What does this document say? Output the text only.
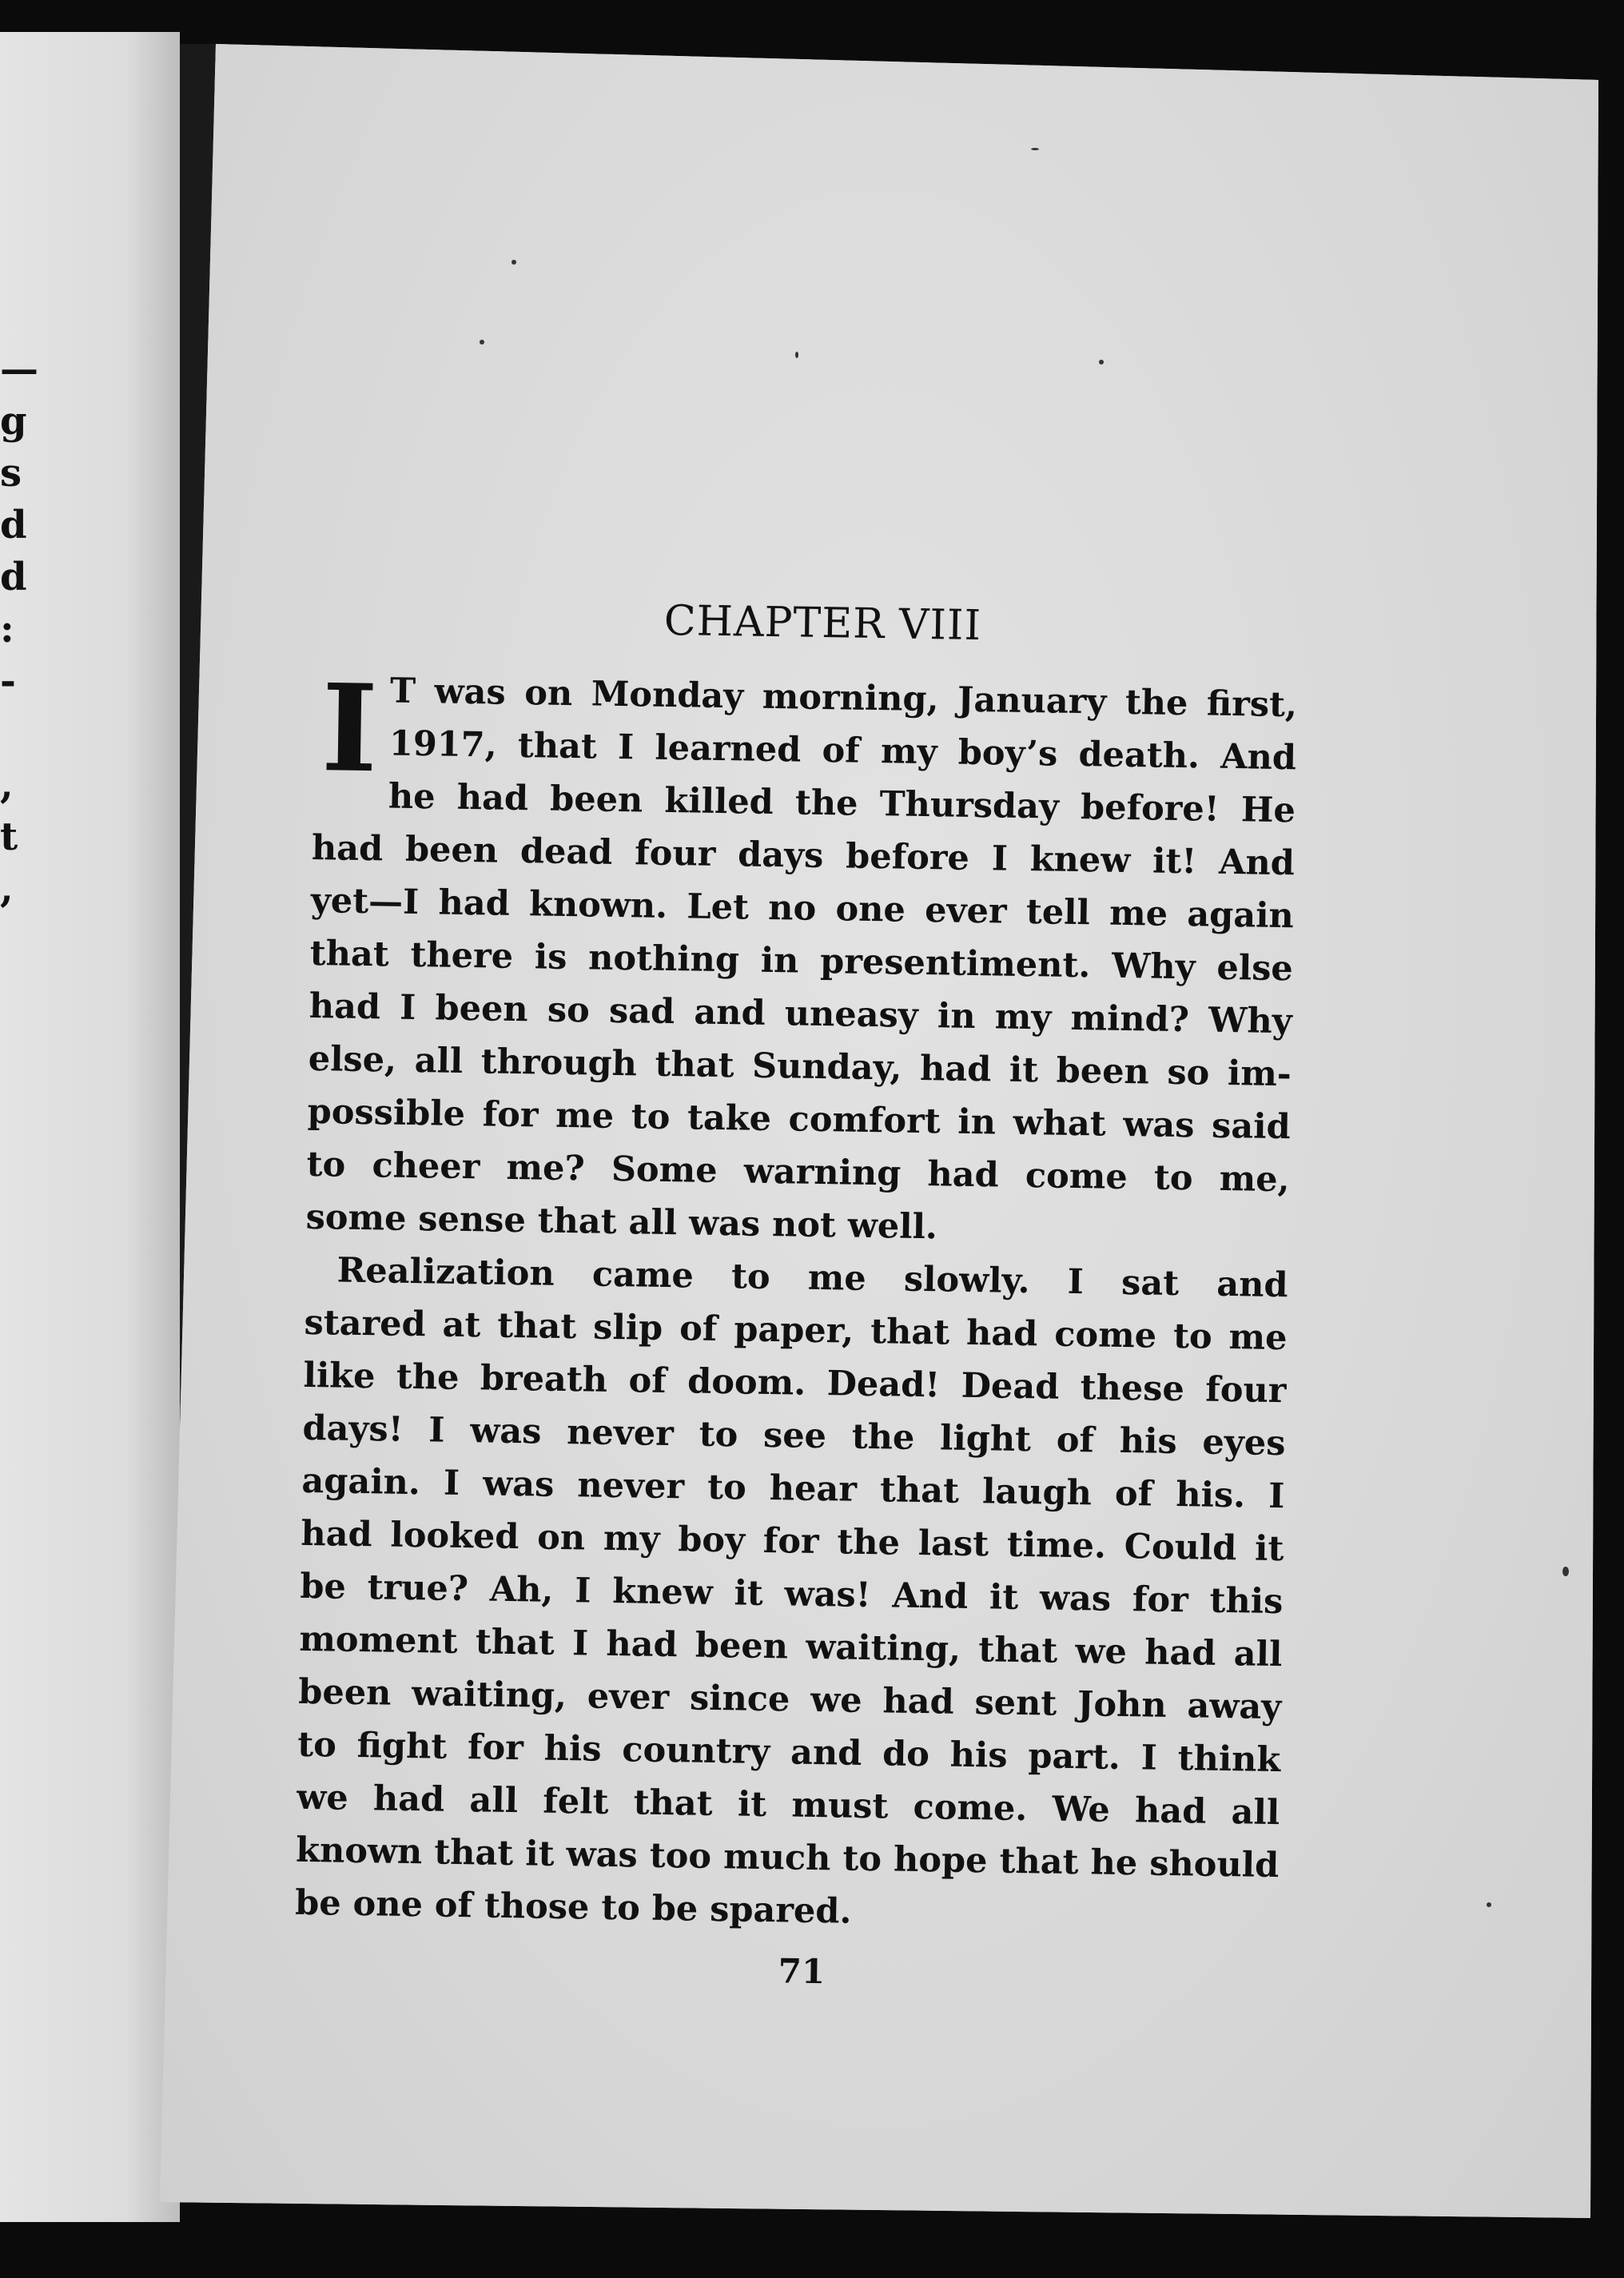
—
g
s
d
d
:
-
,
t
,
CHAPTER VIII
I T was on Monday morning, January the first,
1917, that I learned of my boy’s death. And
he had been killed the Thursday before! He
had been dead four days before I knew it! And
yet—I had known. Let no one ever tell me again
that there is nothing in presentiment. Why else
had I been so sad and uneasy in my mind? Why
else, all through that Sunday, had it been so im-
possible for me to take comfort in what was said
to cheer me? Some warning had come to me,
some sense that all was not well.
Realization came to me slowly. I sat and
stared at that slip of paper, that had come to me
like the breath of doom. Dead! Dead these four
days! I was never to see the light of his eyes
again. I was never to hear that laugh of his. I
had looked on my boy for the last time. Could it
be true? Ah, I knew it was! And it was for this
moment that I had been waiting, that we had all
been waiting, ever since we had sent John away
to fight for his country and do his part. I think
we had all felt that it must come. We had all
known that it was too much to hope that he should
be one of those to be spared.
71
